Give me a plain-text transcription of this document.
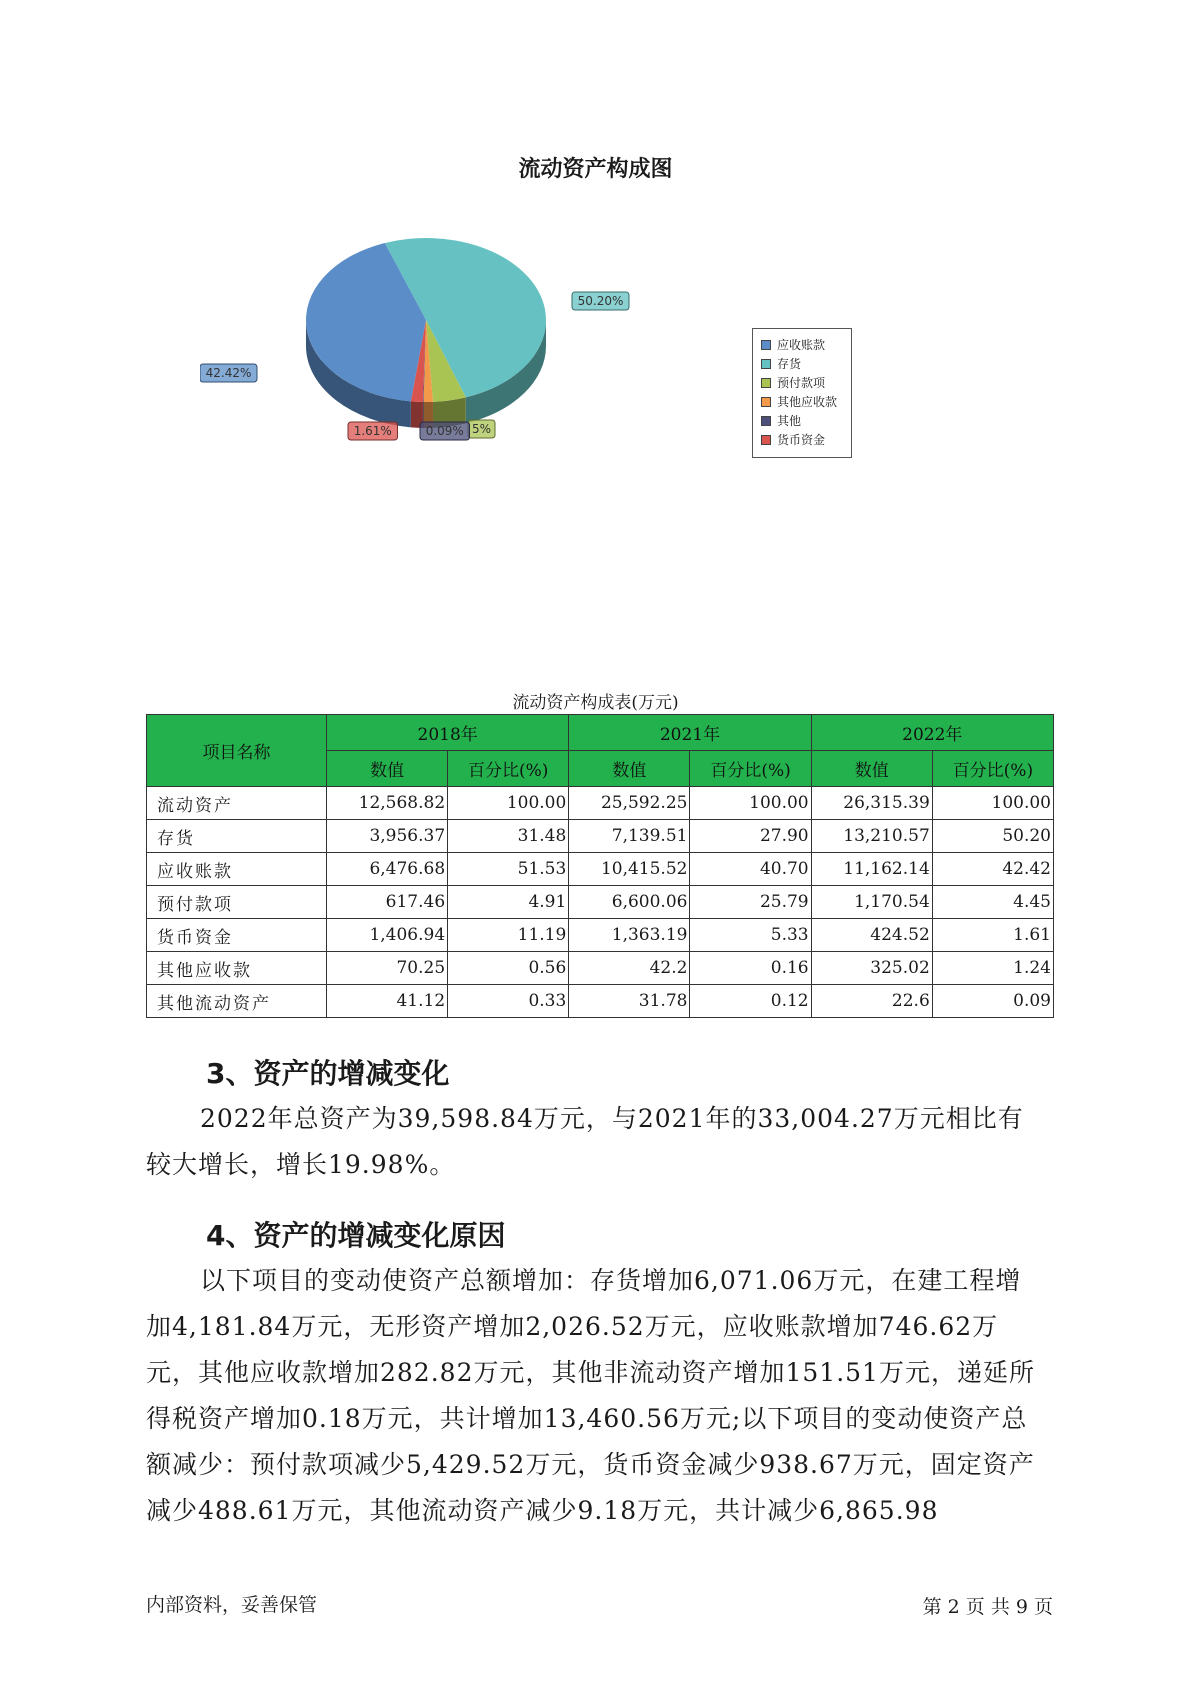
流动资产构成图
42.42%
50.20%
5%
0.09%
1.61%
应收账款
存货
预付款项
其他应收款
其他
货币资金
流动资产构成表(万元)
项目名称	2018年		2021年		2022年	
	数值	百分比(%)	数值	百分比(%)	数值	百分比(%)
流动资产	12,568.82	100.00	25,592.25	100.00	26,315.39	100.00
存货	3,956.37	31.48	7,139.51	27.90	13,210.57	50.20
应收账款	6,476.68	51.53	10,415.52	40.70	11,162.14	42.42
预付款项	617.46	4.91	6,600.06	25.79	1,170.54	4.45
货币资金	1,406.94	11.19	1,363.19	5.33	424.52	1.61
其他应收款	70.25	0.56	42.2	0.16	325.02	1.24
其他流动资产	41.12	0.33	31.78	0.12	22.6	0.09
3、资产的增减变化

2022年总资产为39,598.84万元，与2021年的33,004.27万元相比有较大增长，增长19.98%。

4、资产的增减变化原因

以下项目的变动使资产总额增加：存货增加6,071.06万元，在建工程增加4,181.84万元，无形资产增加2,026.52万元，应收账款增加746.62万元，其他应收款增加282.82万元，其他非流动资产增加151.51万元，递延所得税资产增加0.18万元，共计增加13,460.56万元;以下项目的变动使资产总额减少：预付款项减少5,429.52万元，货币资金减少938.67万元，固定资产减少488.61万元，其他流动资产减少9.18万元，共计减少6,865.98

内部资料，妥善保管	第 2 页 共 9 页
